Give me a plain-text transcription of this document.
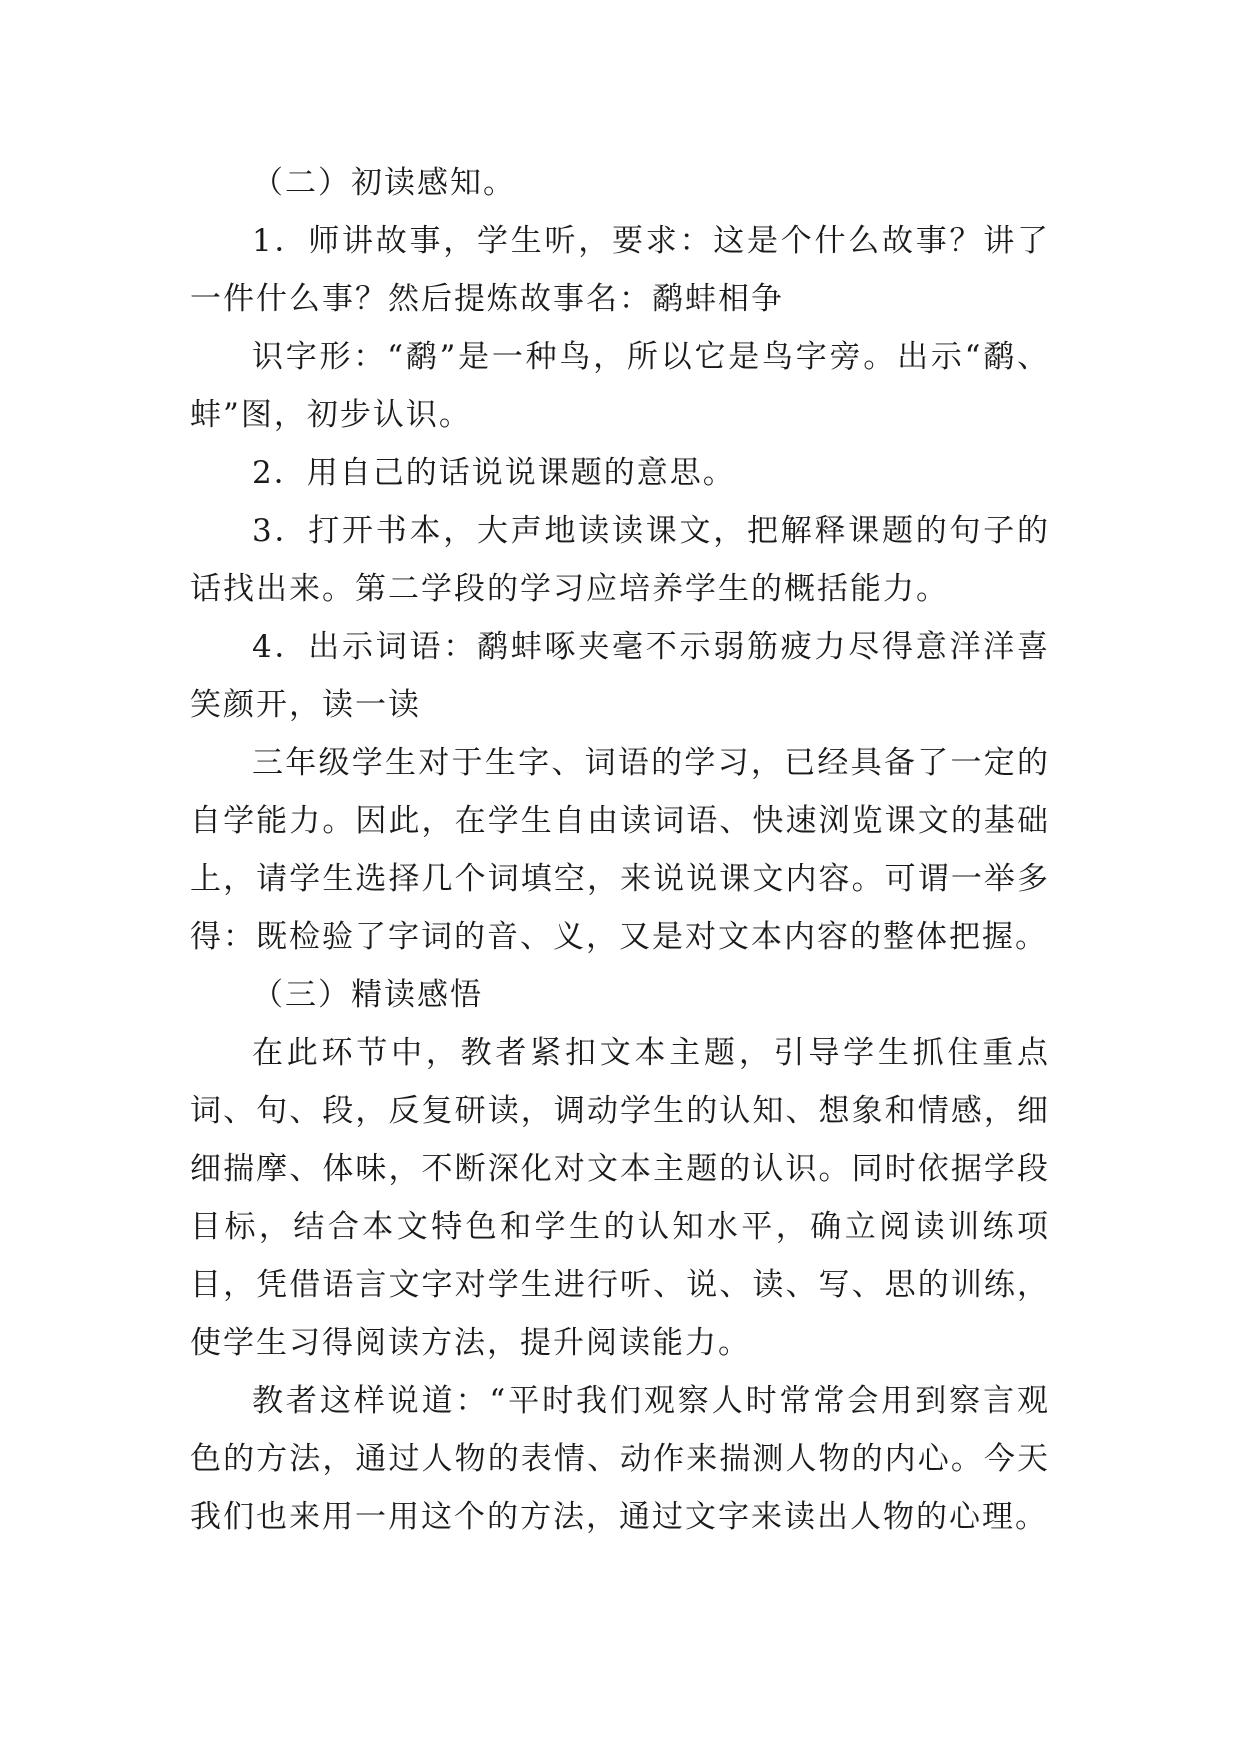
（二）初读感知。

1．师讲故事，学生听，要求：这是个什么故事？讲了一件什么事？然后提炼故事名：鹬蚌相争

识字形：“鹬”是一种鸟，所以它是鸟字旁。出示“鹬、蚌”图，初步认识。

2．用自己的话说说课题的意思。

3．打开书本，大声地读读课文，把解释课题的句子的话找出来。第二学段的学习应培养学生的概括能力。

4．出示词语：鹬蚌啄夹毫不示弱筋疲力尽得意洋洋喜笑颜开，读一读

三年级学生对于生字、词语的学习，已经具备了一定的自学能力。因此，在学生自由读词语、快速浏览课文的基础上，请学生选择几个词填空，来说说课文内容。可谓一举多得：既检验了字词的音、义，又是对文本内容的整体把握。

（三）精读感悟

在此环节中，教者紧扣文本主题，引导学生抓住重点词、句、段，反复研读，调动学生的认知、想象和情感，细细揣摩、体味，不断深化对文本主题的认识。同时依据学段目标，结合本文特色和学生的认知水平，确立阅读训练项目，凭借语言文字对学生进行听、说、读、写、思的训练，使学生习得阅读方法，提升阅读能力。

教者这样说道：“平时我们观察人时常常会用到察言观色的方法，通过人物的表情、动作来揣测人物的内心。今天我们也来用一用这个的方法，通过文字来读出人物的心理。
